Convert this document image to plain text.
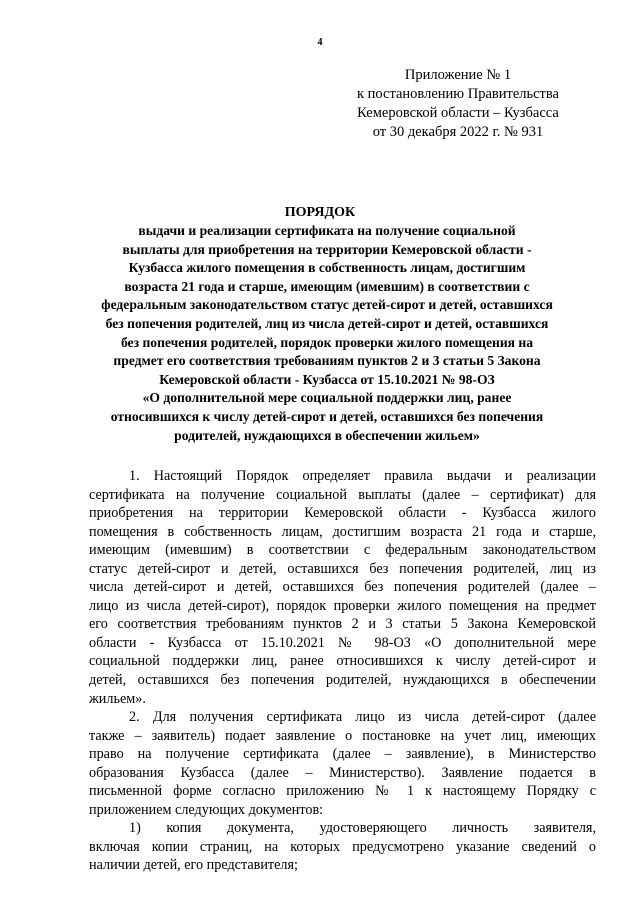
4
Приложение № 1
к постановлению Правительства
Кемеровской области – Кузбасса
от 30 декабря 2022 г. № 931
ПОРЯДОК
выдачи и реализации сертификата на получение социальной
выплаты для приобретения на территории Кемеровской области -
Кузбасса жилого помещения в собственность лицам, достигшим
возраста 21 года и старше, имеющим (имевшим) в соответствии с
федеральным законодательством статус детей-сирот и детей, оставшихся
без попечения родителей, лиц из числа детей-сирот и детей, оставшихся
без попечения родителей, порядок проверки жилого помещения на
предмет его соответствия требованиям пунктов 2 и 3 статьи 5 Закона
Кемеровской области - Кузбасса от 15.10.2021 № 98-ОЗ
«О дополнительной мере социальной поддержки лиц, ранее
относившихся к числу детей-сирот и детей, оставшихся без попечения
родителей, нуждающихся в обеспечении жильем»
1. Настоящий Порядок определяет правила выдачи и реализации
сертификата на получение социальной выплаты (далее – сертификат) для
приобретения на территории Кемеровской области - Кузбасса жилого
помещения в собственность лицам, достигшим возраста 21 года и старше,
имеющим (имевшим) в соответствии с федеральным законодательством
статус детей-сирот и детей, оставшихся без попечения родителей, лиц из
числа детей-сирот и детей, оставшихся без попечения родителей (далее –
лицо из числа детей-сирот), порядок проверки жилого помещения на предмет
его соответствия требованиям пунктов 2 и 3 статьи 5 Закона Кемеровской
области - Кузбасса от 15.10.2021 № 98-ОЗ «О дополнительной мере
социальной поддержки лиц, ранее относившихся к числу детей-сирот и
детей, оставшихся без попечения родителей, нуждающихся в обеспечении
жильем».
2. Для получения сертификата лицо из числа детей-сирот (далее
также – заявитель) подает заявление о постановке на учет лиц, имеющих
право на получение сертификата (далее – заявление), в Министерство
образования Кузбасса (далее – Министерство). Заявление подается в
письменной форме согласно приложению № 1 к настоящему Порядку с
приложением следующих документов:
1) копия документа, удостоверяющего личность заявителя,
включая копии страниц, на которых предусмотрено указание сведений о
наличии детей, его представителя;
